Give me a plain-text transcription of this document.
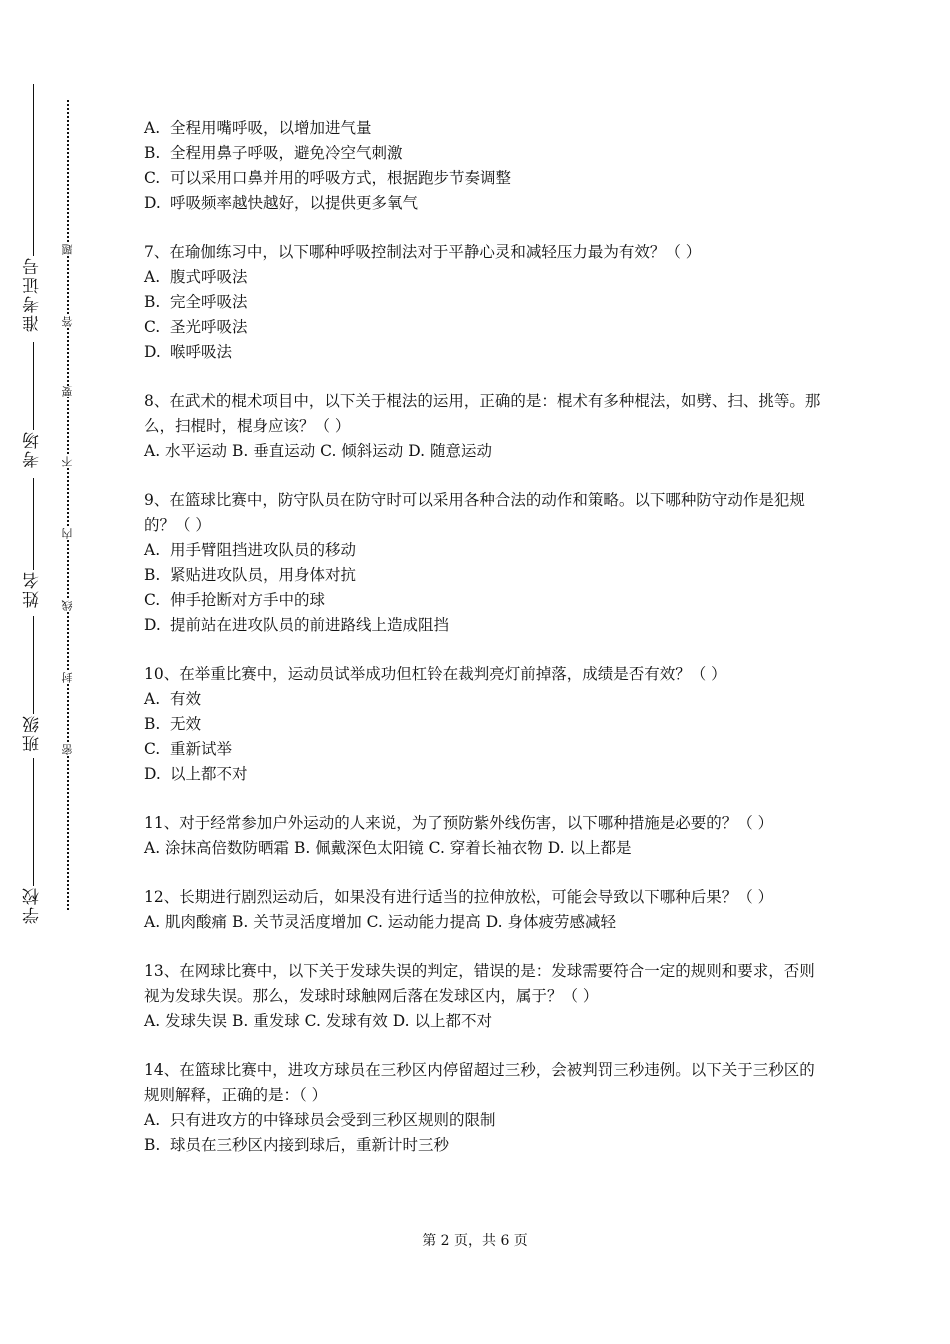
准考证号
考场
姓名
班级
学校
题
答
要
不
内
线
封
密
A. 全程用嘴呼吸，以增加进气量
B. 全程用鼻子呼吸，避免冷空气刺激
C. 可以采用口鼻并用的呼吸方式，根据跑步节奏调整
D. 呼吸频率越快越好，以提供更多氧气
7、在瑜伽练习中，以下哪种呼吸控制法对于平静心灵和减轻压力最为有效？（ ）
A. 腹式呼吸法
B. 完全呼吸法
C. 圣光呼吸法
D. 喉呼吸法
8、在武术的棍术项目中，以下关于棍法的运用，正确的是：棍术有多种棍法，如劈、扫、挑等。那么，扫棍时，棍身应该？（ ）
A. 水平运动 B. 垂直运动 C. 倾斜运动 D. 随意运动
9、在篮球比赛中，防守队员在防守时可以采用各种合法的动作和策略。以下哪种防守动作是犯规的？（ ）
A. 用手臂阻挡进攻队员的移动
B. 紧贴进攻队员，用身体对抗
C. 伸手抢断对方手中的球
D. 提前站在进攻队员的前进路线上造成阻挡
10、在举重比赛中，运动员试举成功但杠铃在裁判亮灯前掉落，成绩是否有效？（ ）
A. 有效
B. 无效
C. 重新试举
D. 以上都不对
11、对于经常参加户外运动的人来说，为了预防紫外线伤害，以下哪种措施是必要的？（ ）
A. 涂抹高倍数防晒霜 B. 佩戴深色太阳镜 C. 穿着长袖衣物 D. 以上都是
12、长期进行剧烈运动后，如果没有进行适当的拉伸放松，可能会导致以下哪种后果？（ ）
A. 肌肉酸痛 B. 关节灵活度增加 C. 运动能力提高 D. 身体疲劳感减轻
13、在网球比赛中，以下关于发球失误的判定，错误的是：发球需要符合一定的规则和要求，否则视为发球失误。那么，发球时球触网后落在发球区内，属于？（ ）
A. 发球失误 B. 重发球 C. 发球有效 D. 以上都不对
14、在篮球比赛中，进攻方球员在三秒区内停留超过三秒，会被判罚三秒违例。以下关于三秒区的规则解释，正确的是：（ ）
A. 只有进攻方的中锋球员会受到三秒区规则的限制
B. 球员在三秒区内接到球后，重新计时三秒
第 2 页，共 6 页
